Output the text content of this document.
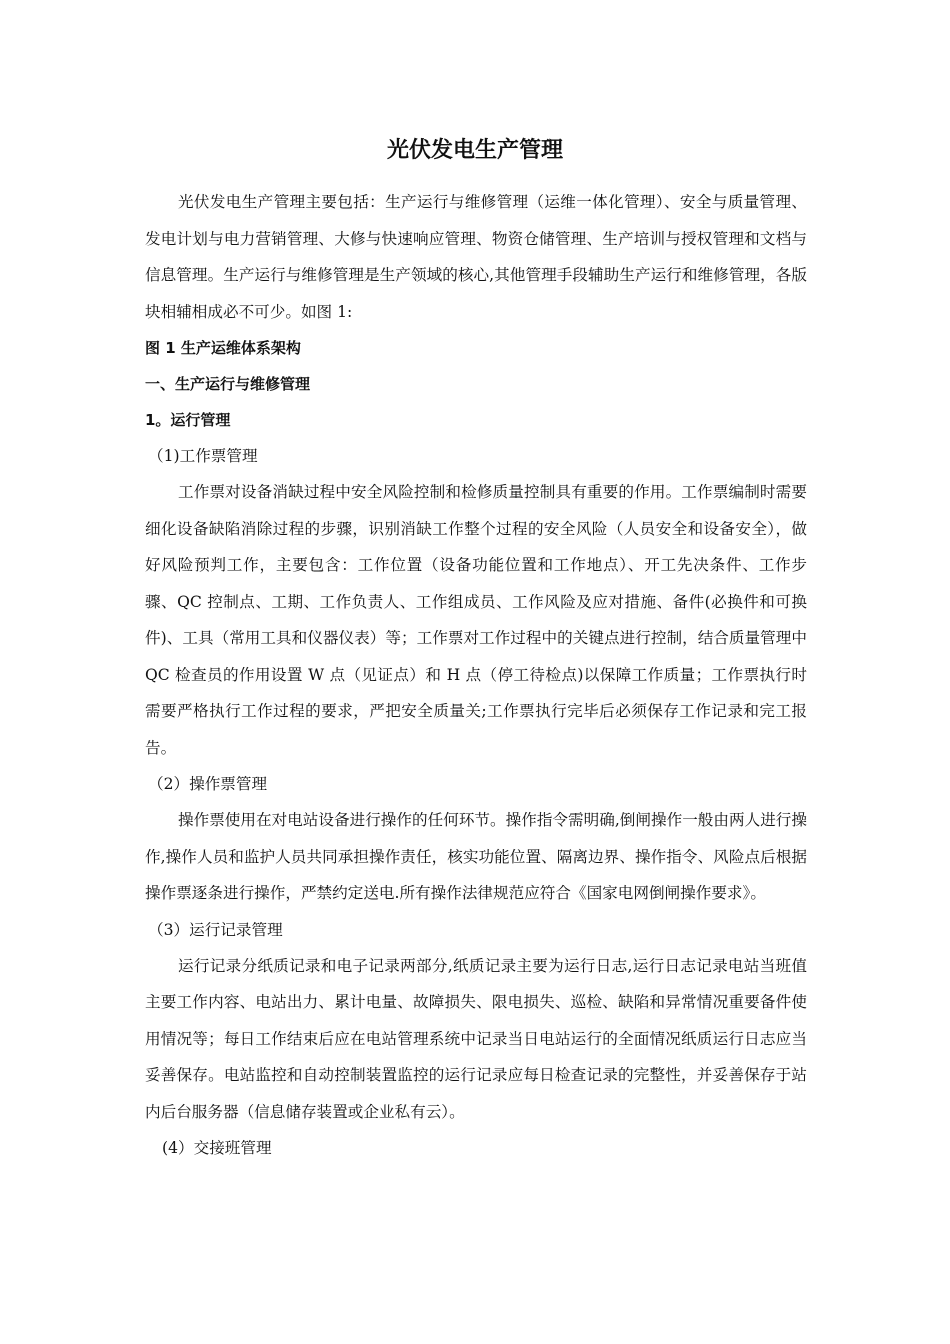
光伏发电生产管理

光伏发电生产管理主要包括：生产运行与维修管理（运维一体化管理）、安全与质量管理、发电计划与电力营销管理、大修与快速响应管理、物资仓储管理、生产培训与授权管理和文档与信息管理。生产运行与维修管理是生产领域的核心,其他管理手段辅助生产运行和维修管理，各版块相辅相成必不可少。如图 1:

图 1 生产运维体系架构

一、生产运行与维修管理

1。运行管理

（1)工作票管理

工作票对设备消缺过程中安全风险控制和检修质量控制具有重要的作用。工作票编制时需要细化设备缺陷消除过程的步骤，识别消缺工作整个过程的安全风险（人员安全和设备安全），做好风险预判工作，主要包含：工作位置（设备功能位置和工作地点）、开工先决条件、工作步骤、QC 控制点、工期、工作负责人、工作组成员、工作风险及应对措施、备件(必换件和可换件)、工具（常用工具和仪器仪表）等；工作票对工作过程中的关键点进行控制，结合质量管理中 QC 检查员的作用设置 W 点（见证点）和 H 点（停工待检点)以保障工作质量；工作票执行时需要严格执行工作过程的要求，严把安全质量关;工作票执行完毕后必须保存工作记录和完工报告。

（2）操作票管理

操作票使用在对电站设备进行操作的任何环节。操作指令需明确,倒闸操作一般由两人进行操作,操作人员和监护人员共同承担操作责任，核实功能位置、隔离边界、操作指令、风险点后根据操作票逐条进行操作，严禁约定送电.所有操作法律规范应符合《国家电网倒闸操作要求》。

（3）运行记录管理

运行记录分纸质记录和电子记录两部分,纸质记录主要为运行日志,运行日志记录电站当班值主要工作内容、电站出力、累计电量、故障损失、限电损失、巡检、缺陷和异常情况重要备件使用情况等；每日工作结束后应在电站管理系统中记录当日电站运行的全面情况纸质运行日志应当妥善保存。电站监控和自动控制装置监控的运行记录应每日检查记录的完整性，并妥善保存于站内后台服务器（信息储存装置或企业私有云）。

(4）交接班管理
